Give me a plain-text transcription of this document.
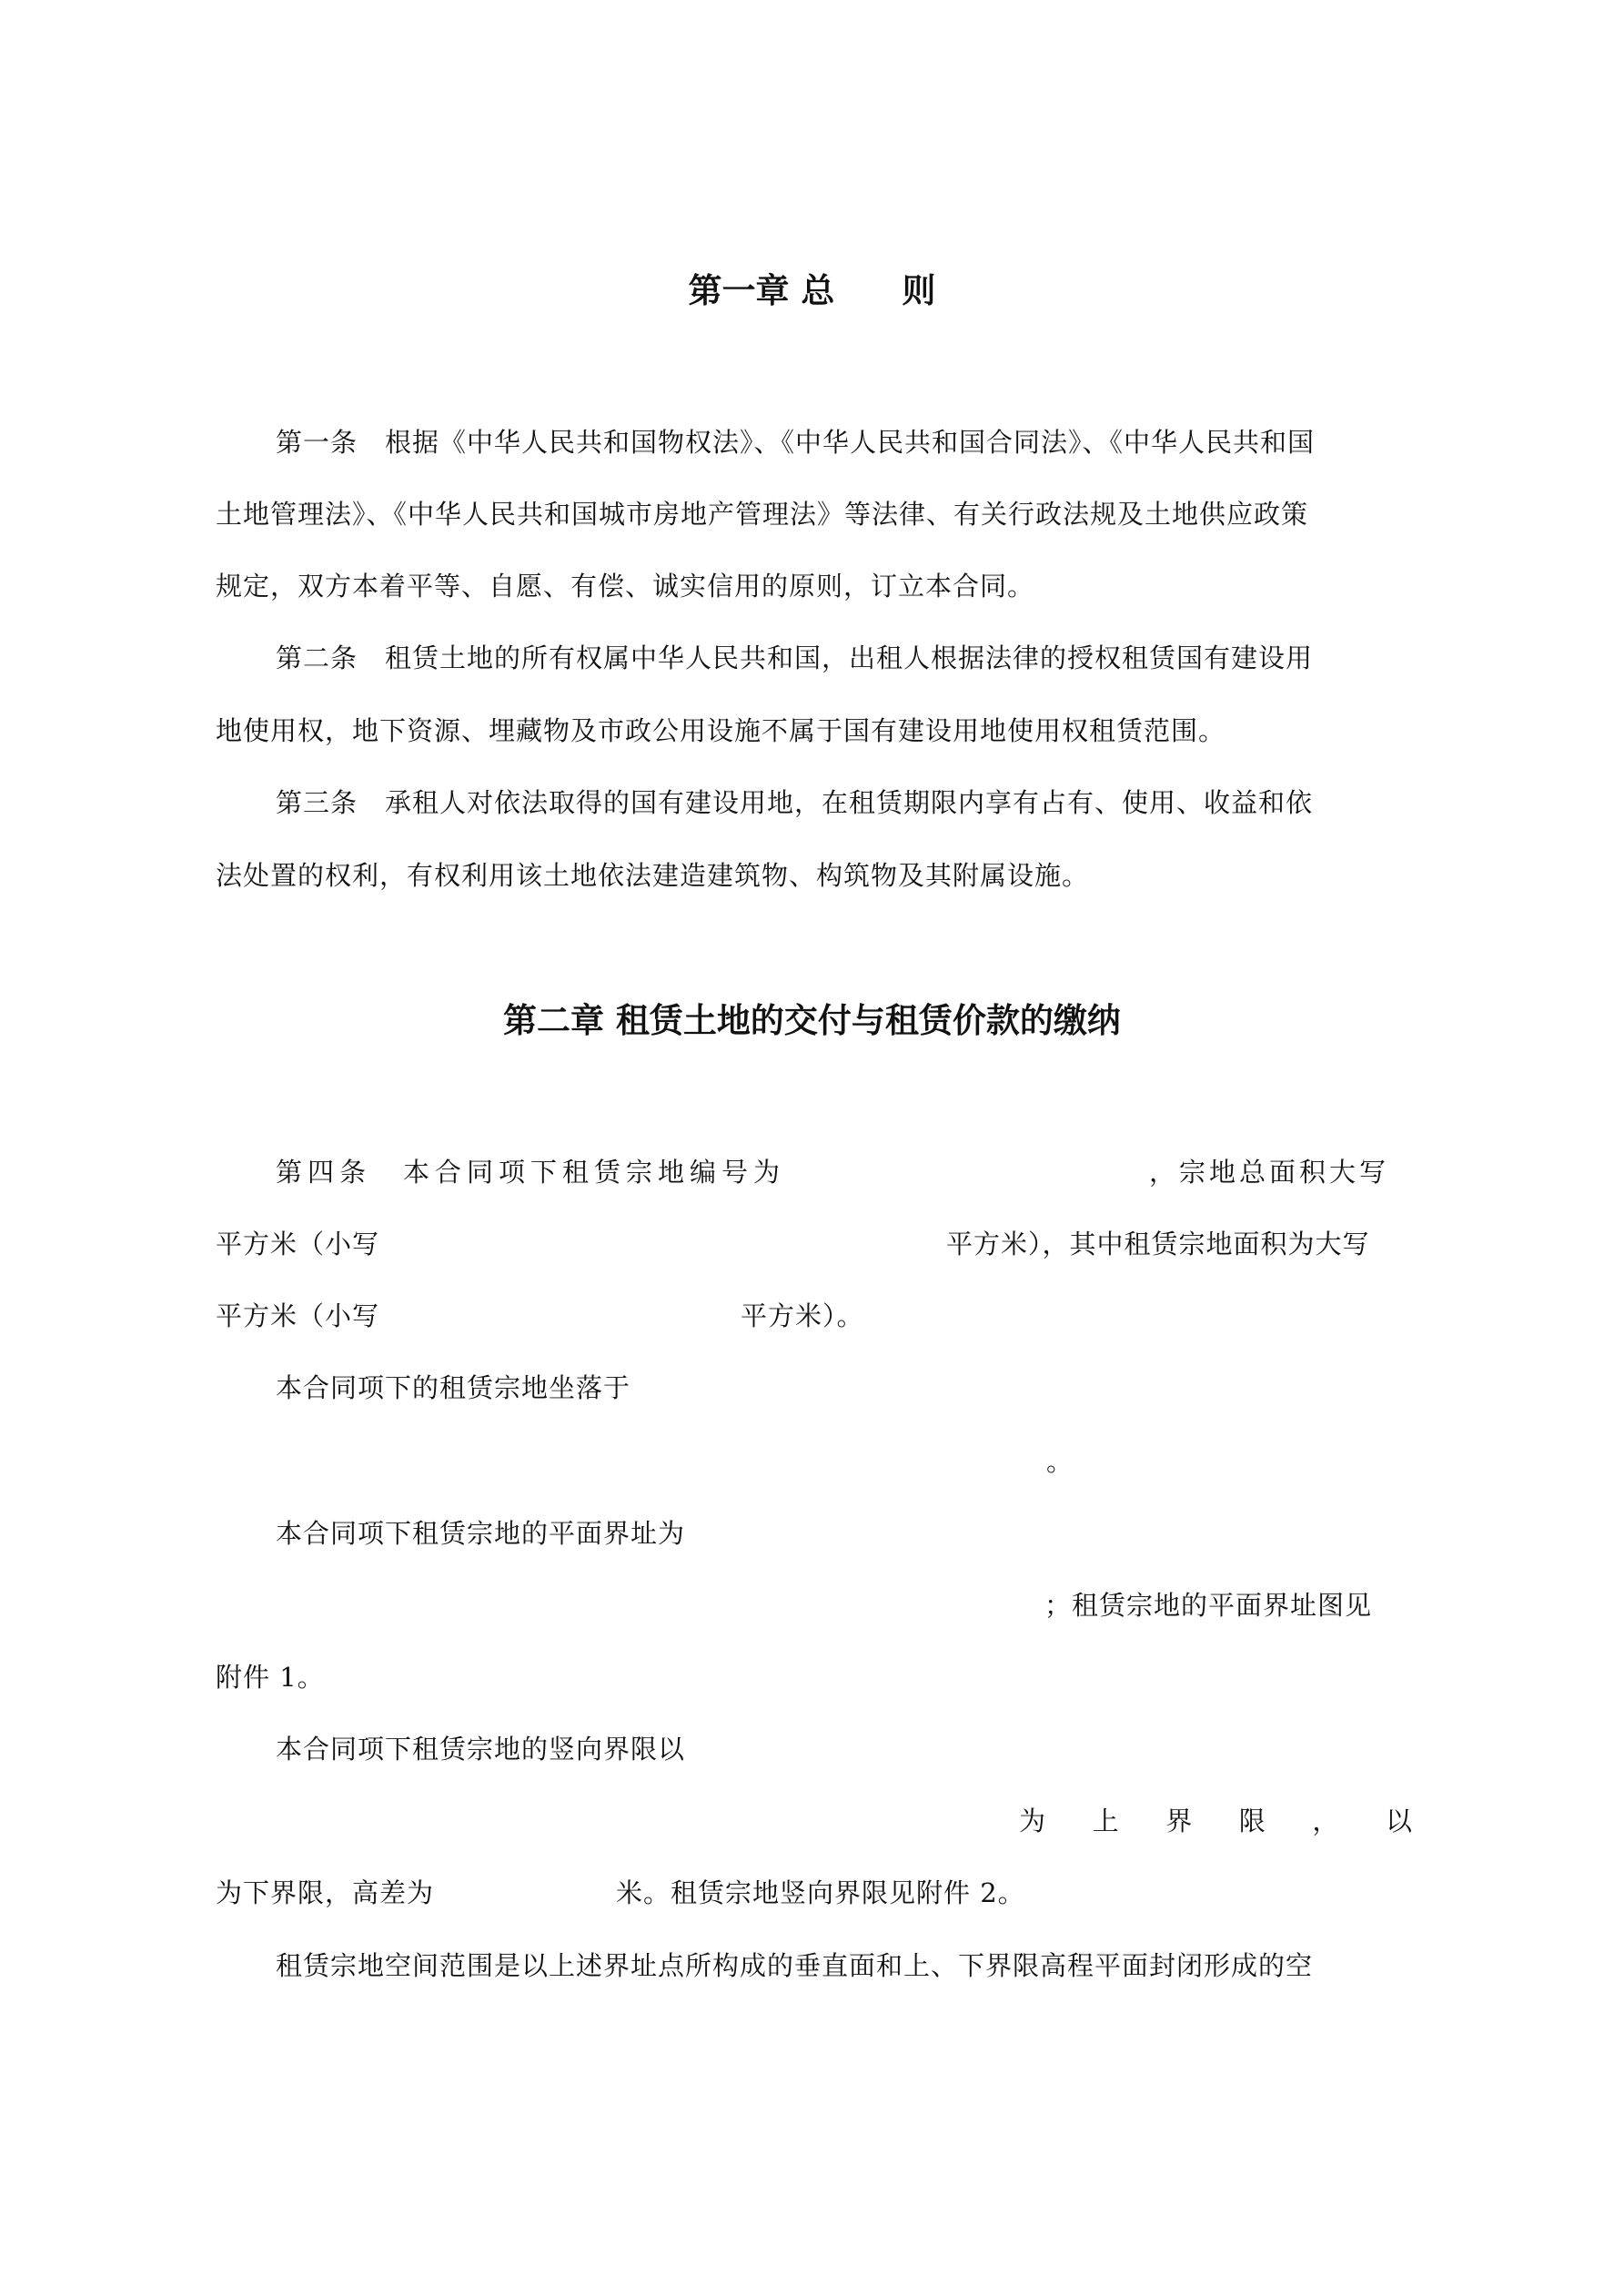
第一章 总　　则
第一条　根据《中华人民共和国物权法》、《中华人民共和国合同法》、《中华人民共和国
土地管理法》、《中华人民共和国城市房地产管理法》等法律、有关行政法规及土地供应政策
规定，双方本着平等、自愿、有偿、诚实信用的原则，订立本合同。
第二条　租赁土地的所有权属中华人民共和国，出租人根据法律的授权租赁国有建设用
地使用权，地下资源、埋藏物及市政公用设施不属于国有建设用地使用权租赁范围。
第三条　承租人对依法取得的国有建设用地，在租赁期限内享有占有、使用、收益和依
法处置的权利，有权利用该土地依法建造建筑物、构筑物及其附属设施。
第二章 租赁土地的交付与租赁价款的缴纳
第四条　本合同项下租赁宗地编号为	，宗地总面积大写
平方米（小写	平方米），其中租赁宗地面积为大写
平方米（小写	平方米）。
本合同项下的租赁宗地坐落于
。
本合同项下租赁宗地的平面界址为
；租赁宗地的平面界址图见
附件 1。
本合同项下租赁宗地的竖向界限以
为 上 界 限 ， 以
为下界限，高差为	米。租赁宗地竖向界限见附件 2。
租赁宗地空间范围是以上述界址点所构成的垂直面和上、下界限高程平面封闭形成的空
